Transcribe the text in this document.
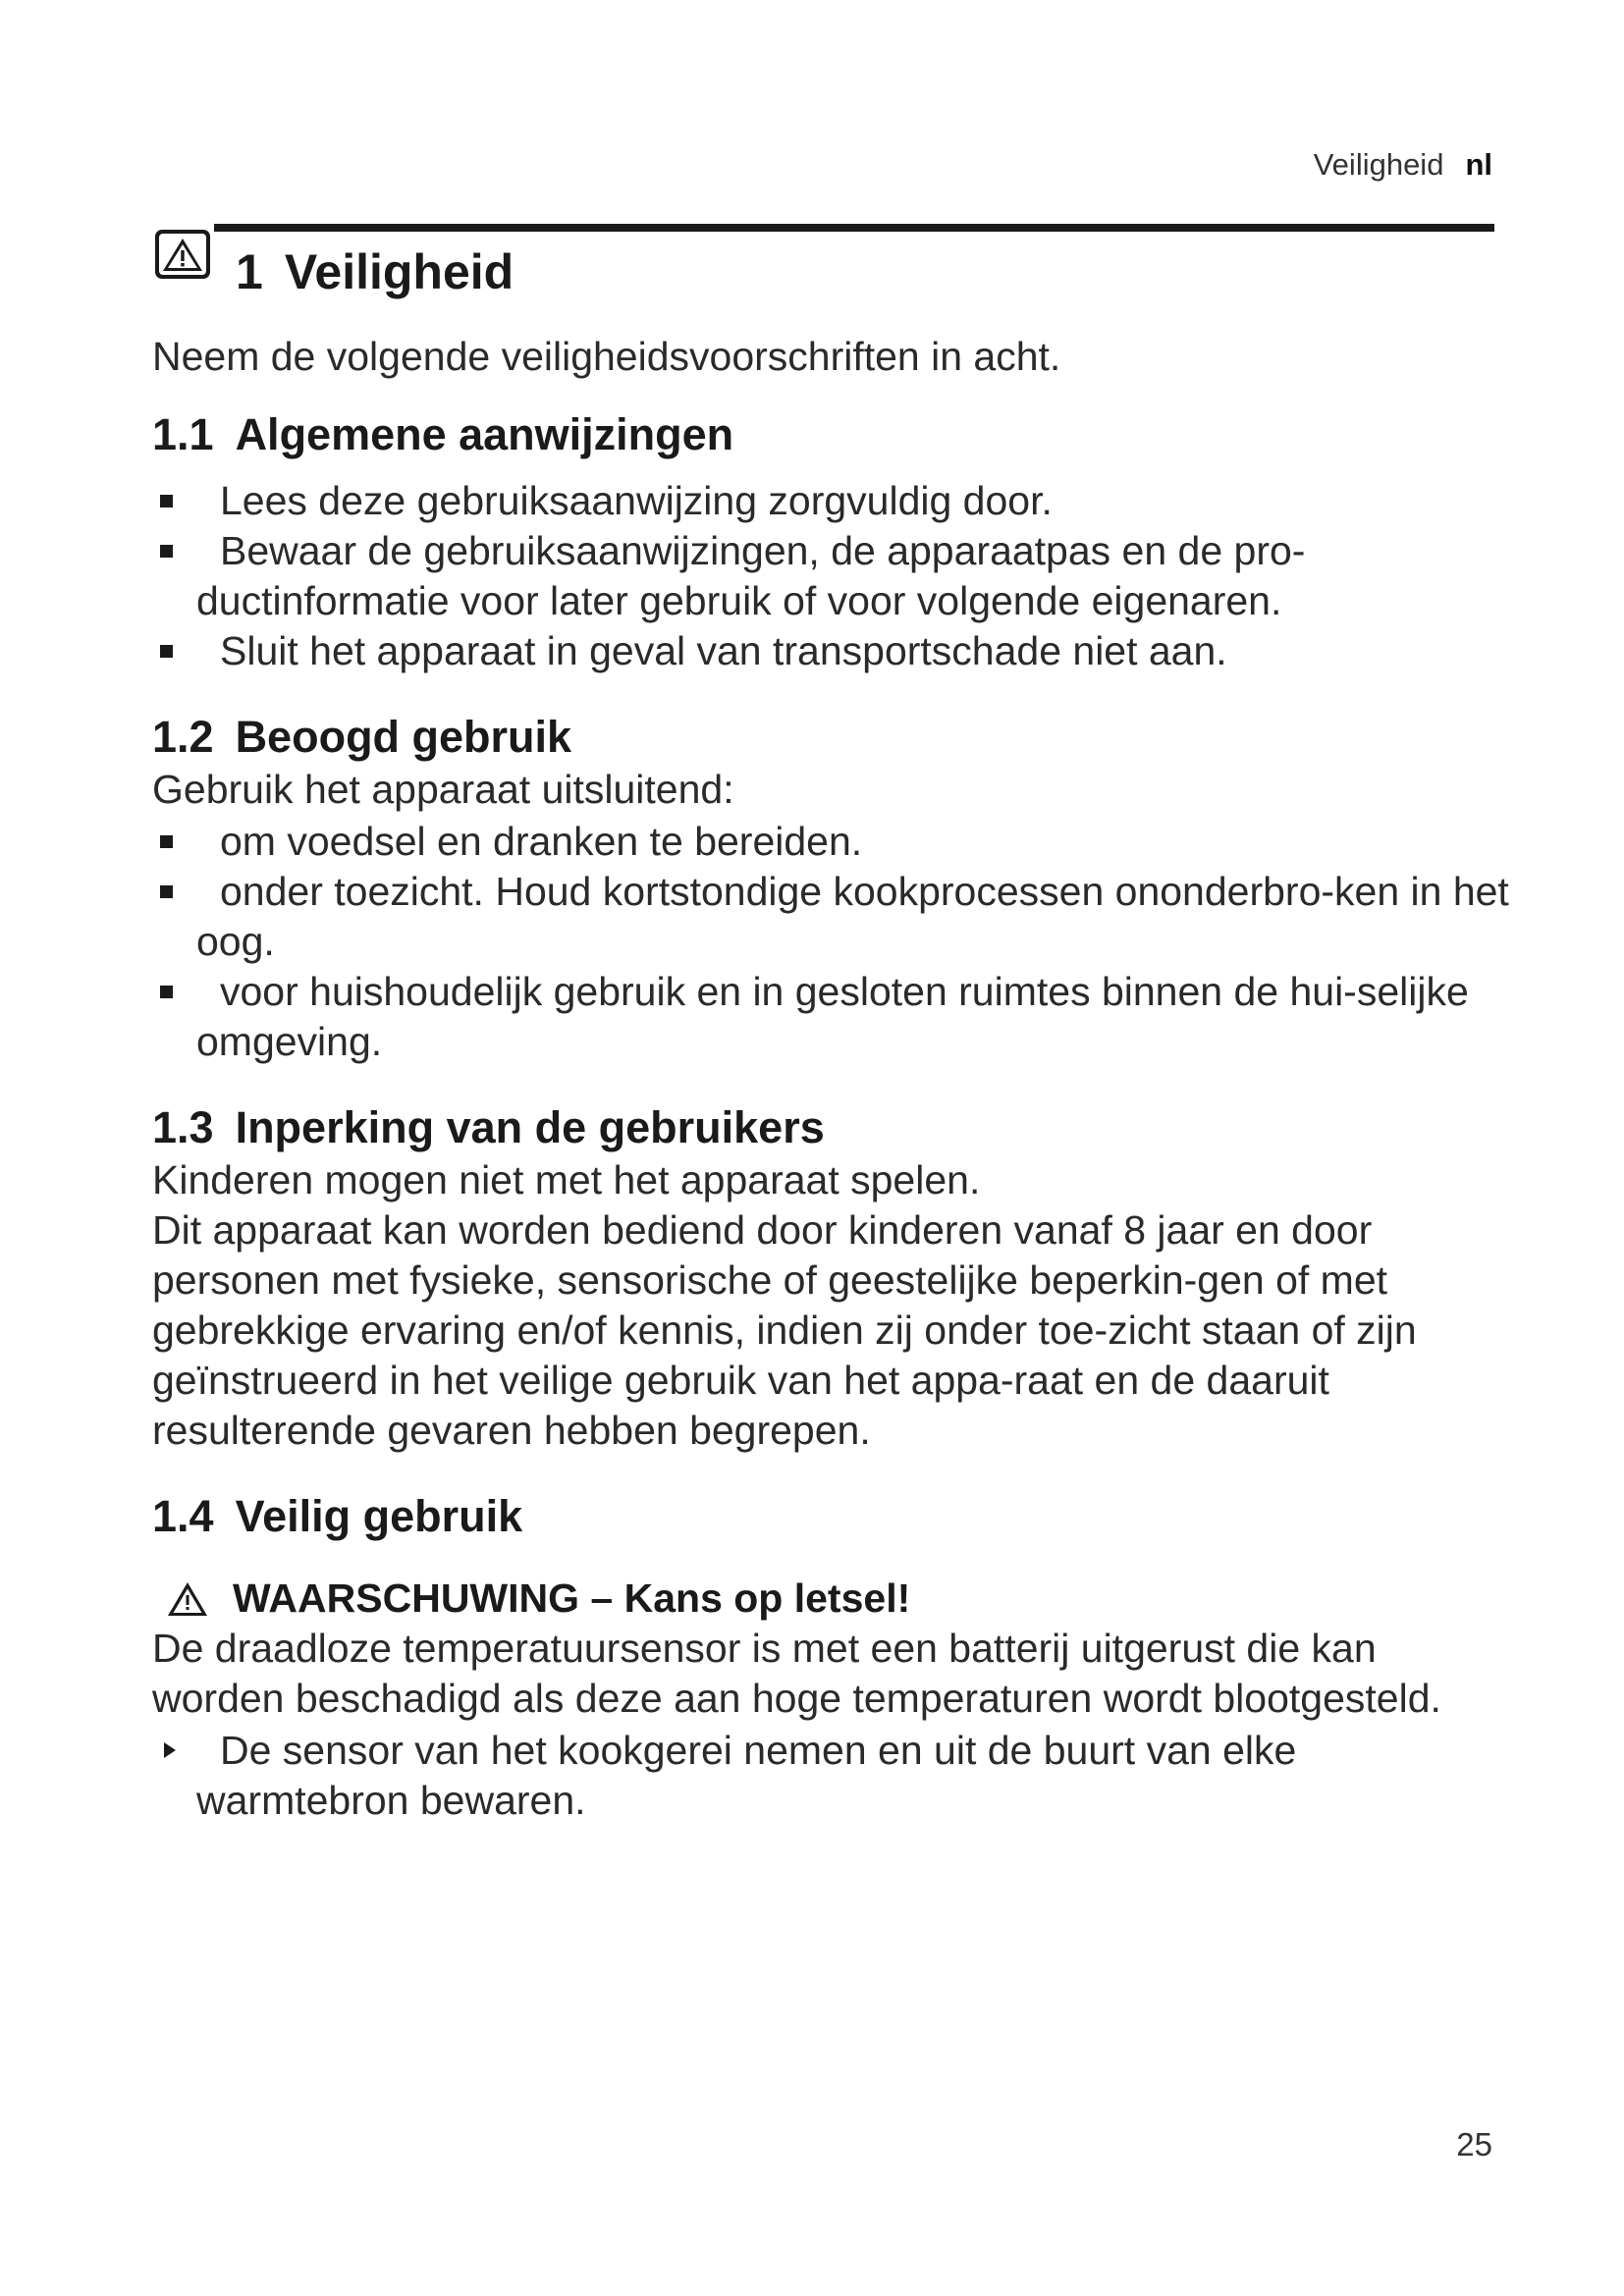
Veiligheid nl
1 Veiligheid

Neem de volgende veiligheidsvoorschriften in acht.

1.1 Algemene aanwijzingen
Lees deze gebruiksaanwijzing zorgvuldig door.
Bewaar de gebruiksaanwijzingen, de apparaatpas en de pro-ductinformatie voor later gebruik of voor volgende eigenaren.
Sluit het apparaat in geval van transportschade niet aan.
1.2 Beoogd gebruik

Gebruik het apparaat uitsluitend:

om voedsel en dranken te bereiden.
onder toezicht. Houd kortstondige kookprocessen ononderbro-ken in het oog.
voor huishoudelijk gebruik en in gesloten ruimtes binnen de hui-selijke omgeving.
1.3 Inperking van de gebruikers

Kinderen mogen niet met het apparaat spelen.

Dit apparaat kan worden bediend door kinderen vanaf 8 jaar en door personen met fysieke, sensorische of geestelijke beperkin-gen of met gebrekkige ervaring en/of kennis, indien zij onder toe-zicht staan of zijn geïnstrueerd in het veilige gebruik van het appa-raat en de daaruit resulterende gevaren hebben begrepen.

1.4 Veilig gebruik
WAARSCHUWING – Kans op letsel!

De draadloze temperatuursensor is met een batterij uitgerust die kan worden beschadigd als deze aan hoge temperaturen wordt blootgesteld.

De sensor van het kookgerei nemen en uit de buurt van elke warmtebron bewaren.
25
